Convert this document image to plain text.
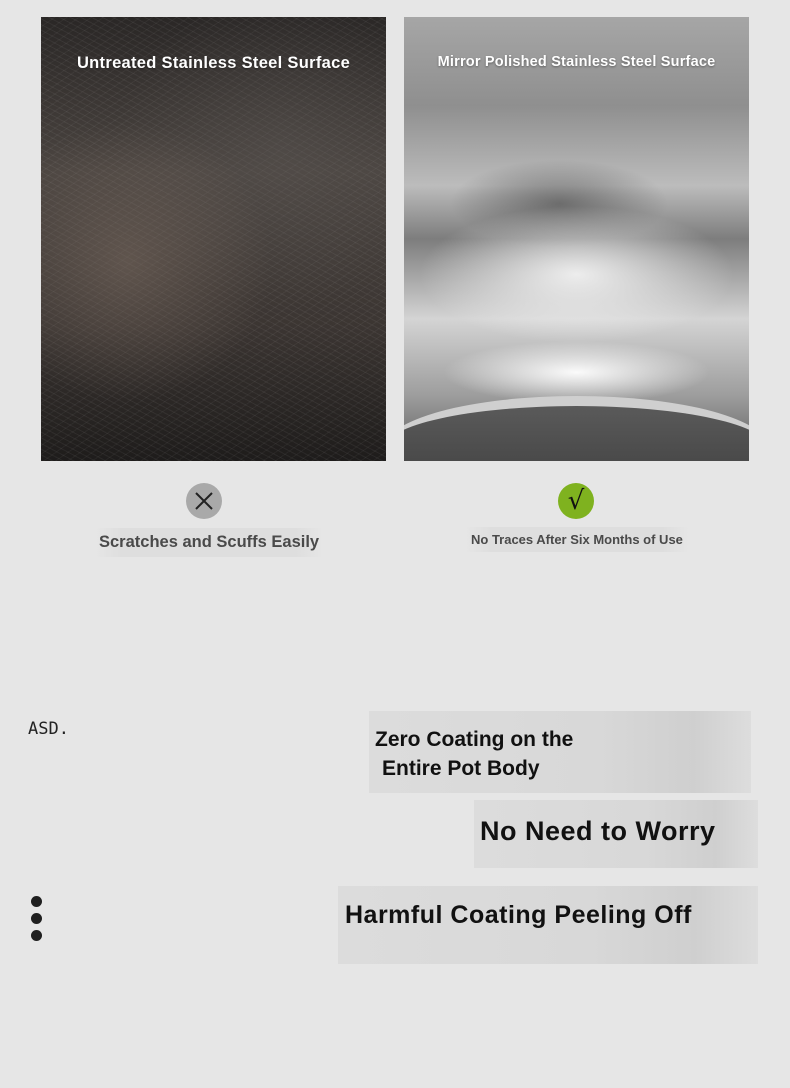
Untreated Stainless Steel Surface	Mirror Polished Stainless Steel Surface
Scratches and Scuffs Easily
√
No Traces After Six Months of Use
ASD.	Zero Coating on the
Entire Pot Body
No Need to Worry
Harmful Coating Peeling Off
